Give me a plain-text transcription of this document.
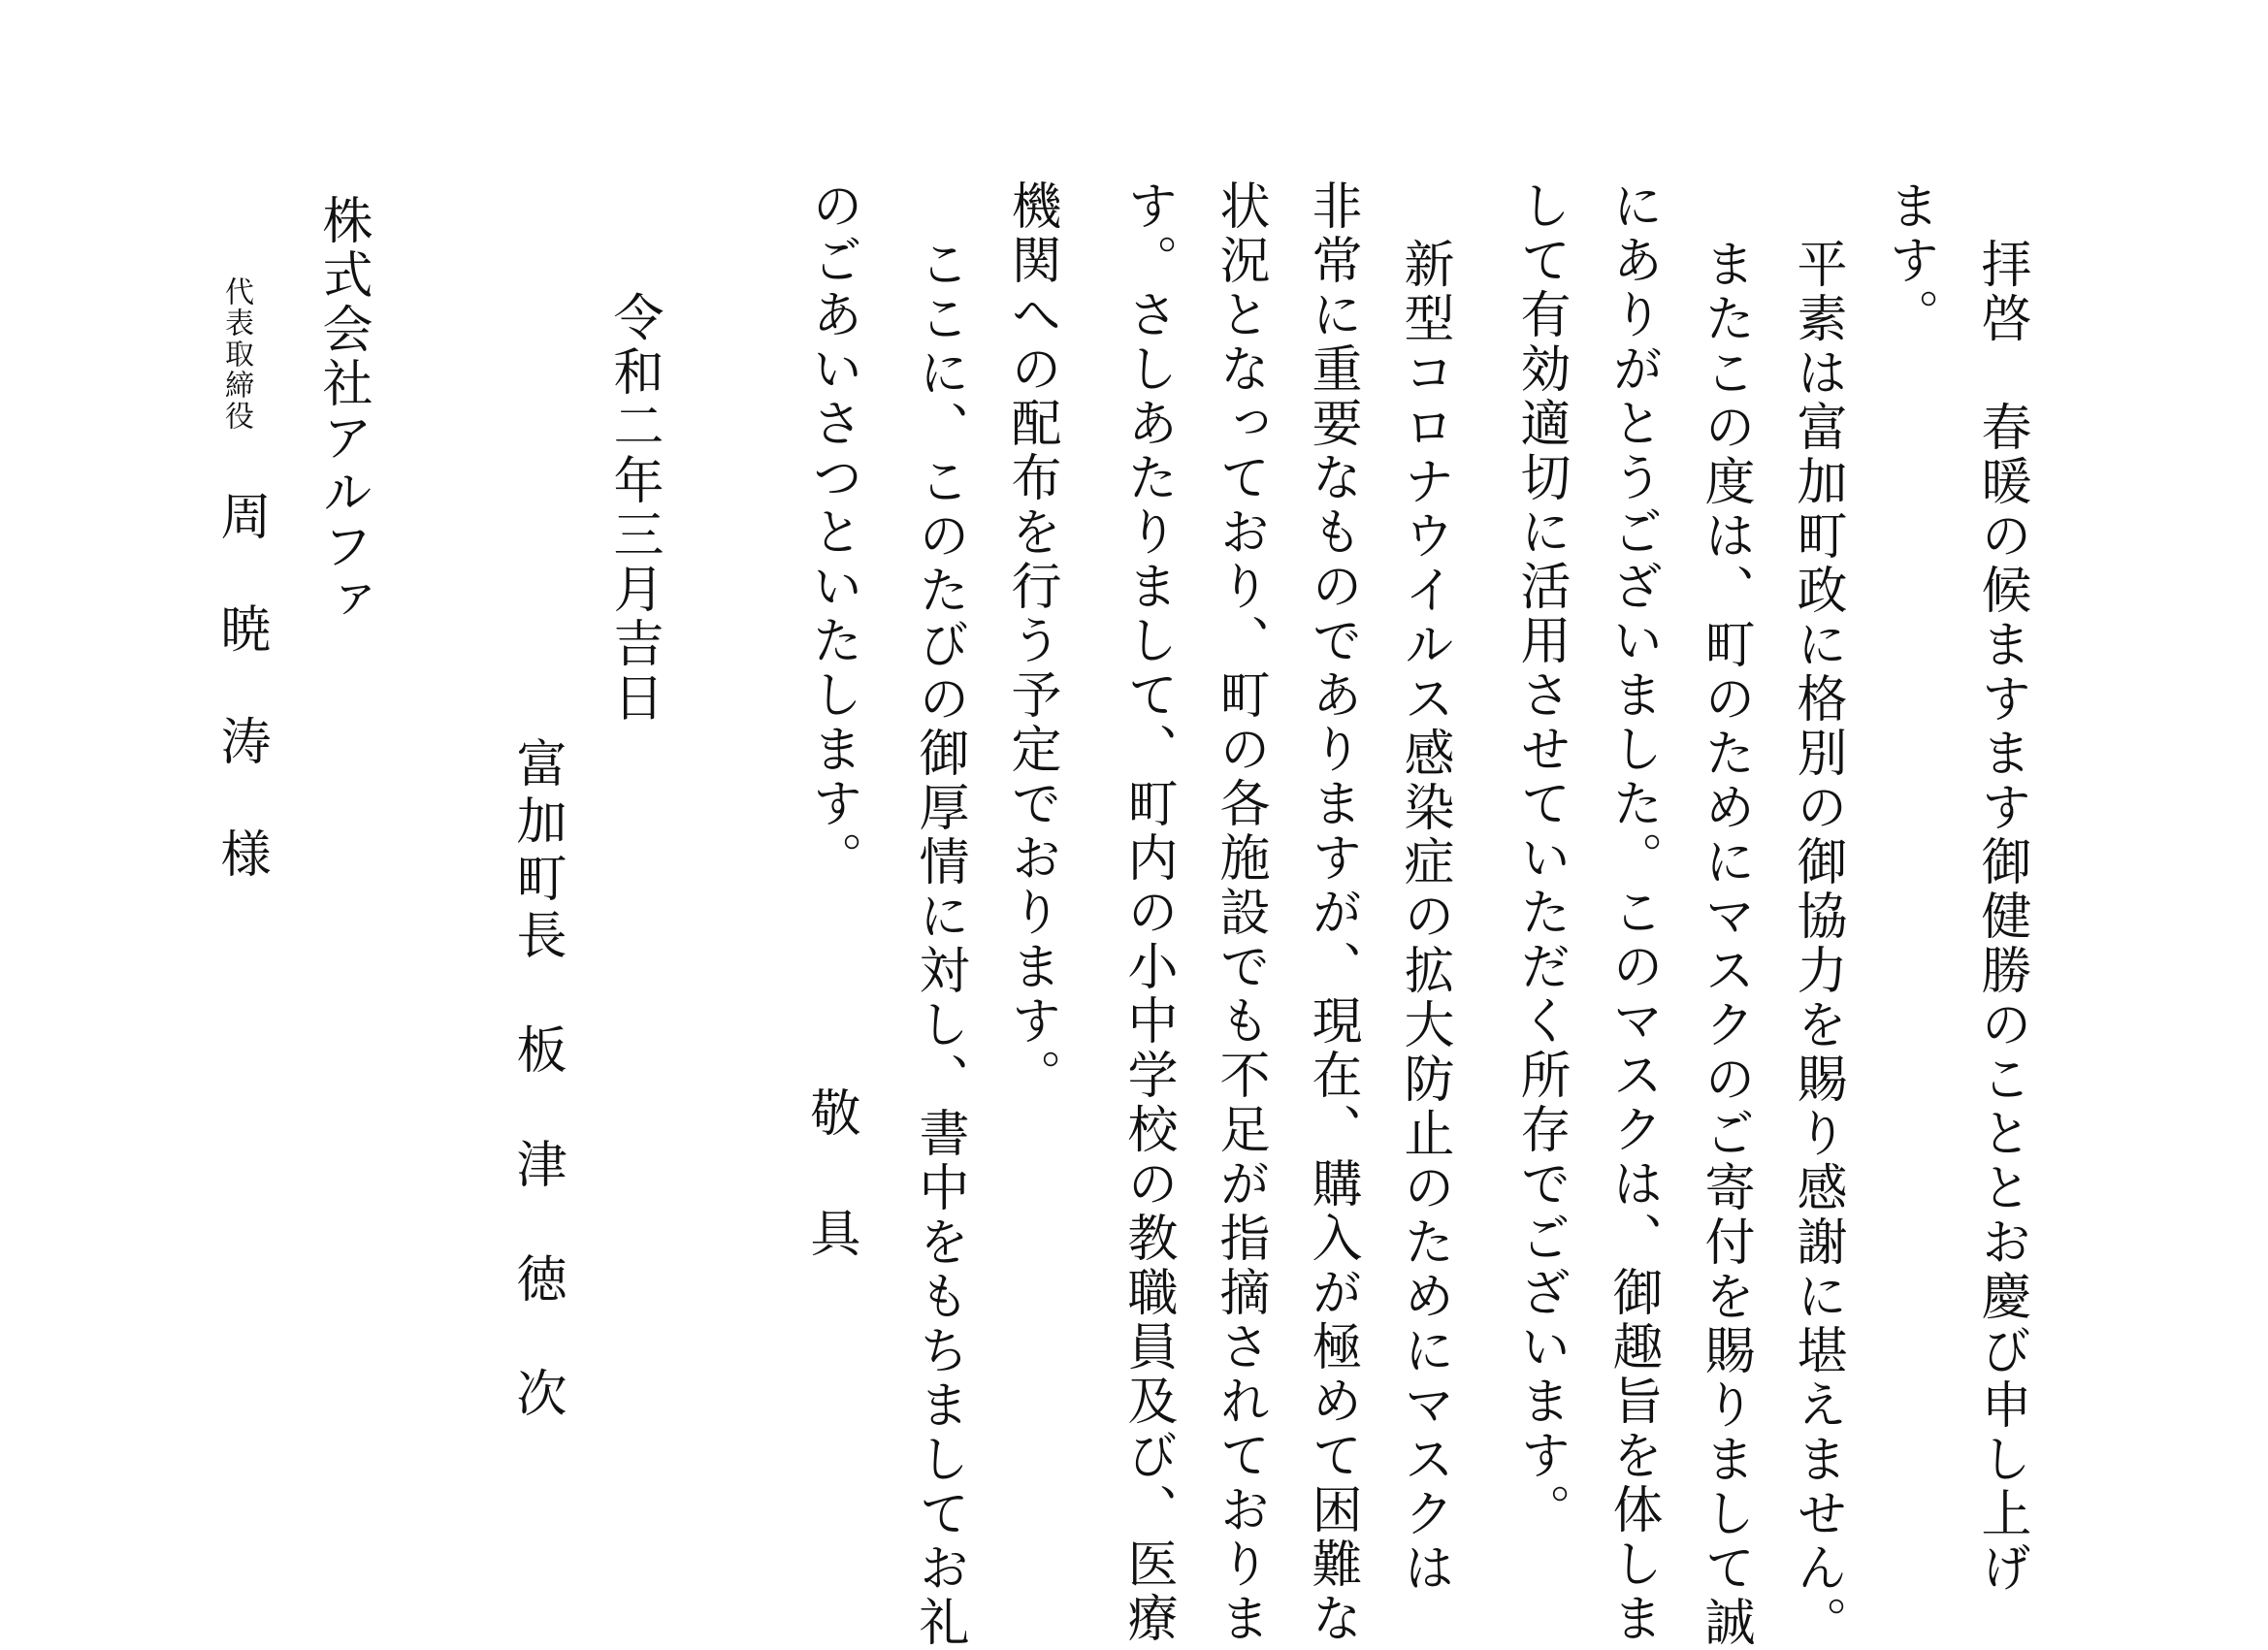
拝啓　春暖の候ますます御健勝のこととお慶び申し上げ
ます。
平素は富加町政に格別の御協力を賜り感謝に堪えません。
またこの度は、町のためにマスクのご寄付を賜りまして誠
にありがとうございました。このマスクは、御趣旨を体しま
して有効適切に活用させていただく所存でございます。
新型コロナウイルス感染症の拡大防止のためにマスクは
非常に重要なものでありますが、現在、購入が極めて困難な
状況となっており、町の各施設でも不足が指摘されておりま
す。さしあたりまして、町内の小中学校の教職員及び、医療
機関への配布を行う予定でおります。
ここに、このたびの御厚情に対し、書中をもちましてお礼
のごあいさつといたします。
敬　具
令和二年三月吉日
富加町長　板　津　徳　次
株式会社アルファ
代表取締役
周　暁　涛　様
